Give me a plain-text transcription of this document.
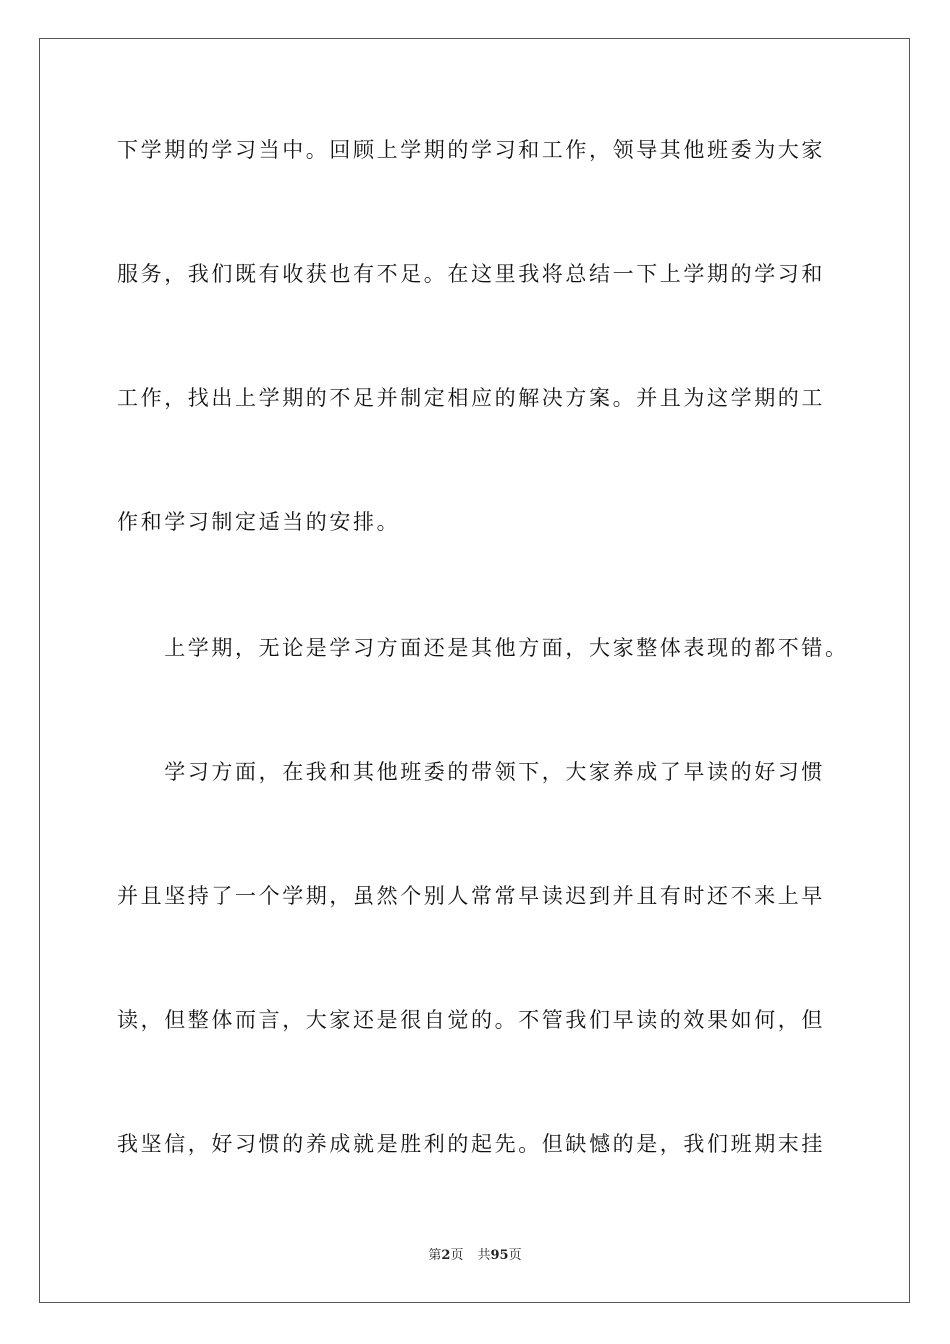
下学期的学习当中。回顾上学期的学习和工作，领导其他班委为大家
服务，我们既有收获也有不足。在这里我将总结一下上学期的学习和
工作，找出上学期的不足并制定相应的解决方案。并且为这学期的工
作和学习制定适当的安排。
　　上学期，无论是学习方面还是其他方面，大家整体表现的都不错。
　　学习方面，在我和其他班委的带领下，大家养成了早读的好习惯
并且坚持了一个学期，虽然个别人常常早读迟到并且有时还不来上早
读，但整体而言，大家还是很自觉的。不管我们早读的效果如何，但
我坚信，好习惯的养成就是胜利的起先。但缺憾的是，我们班期末挂
第2页 共95页
